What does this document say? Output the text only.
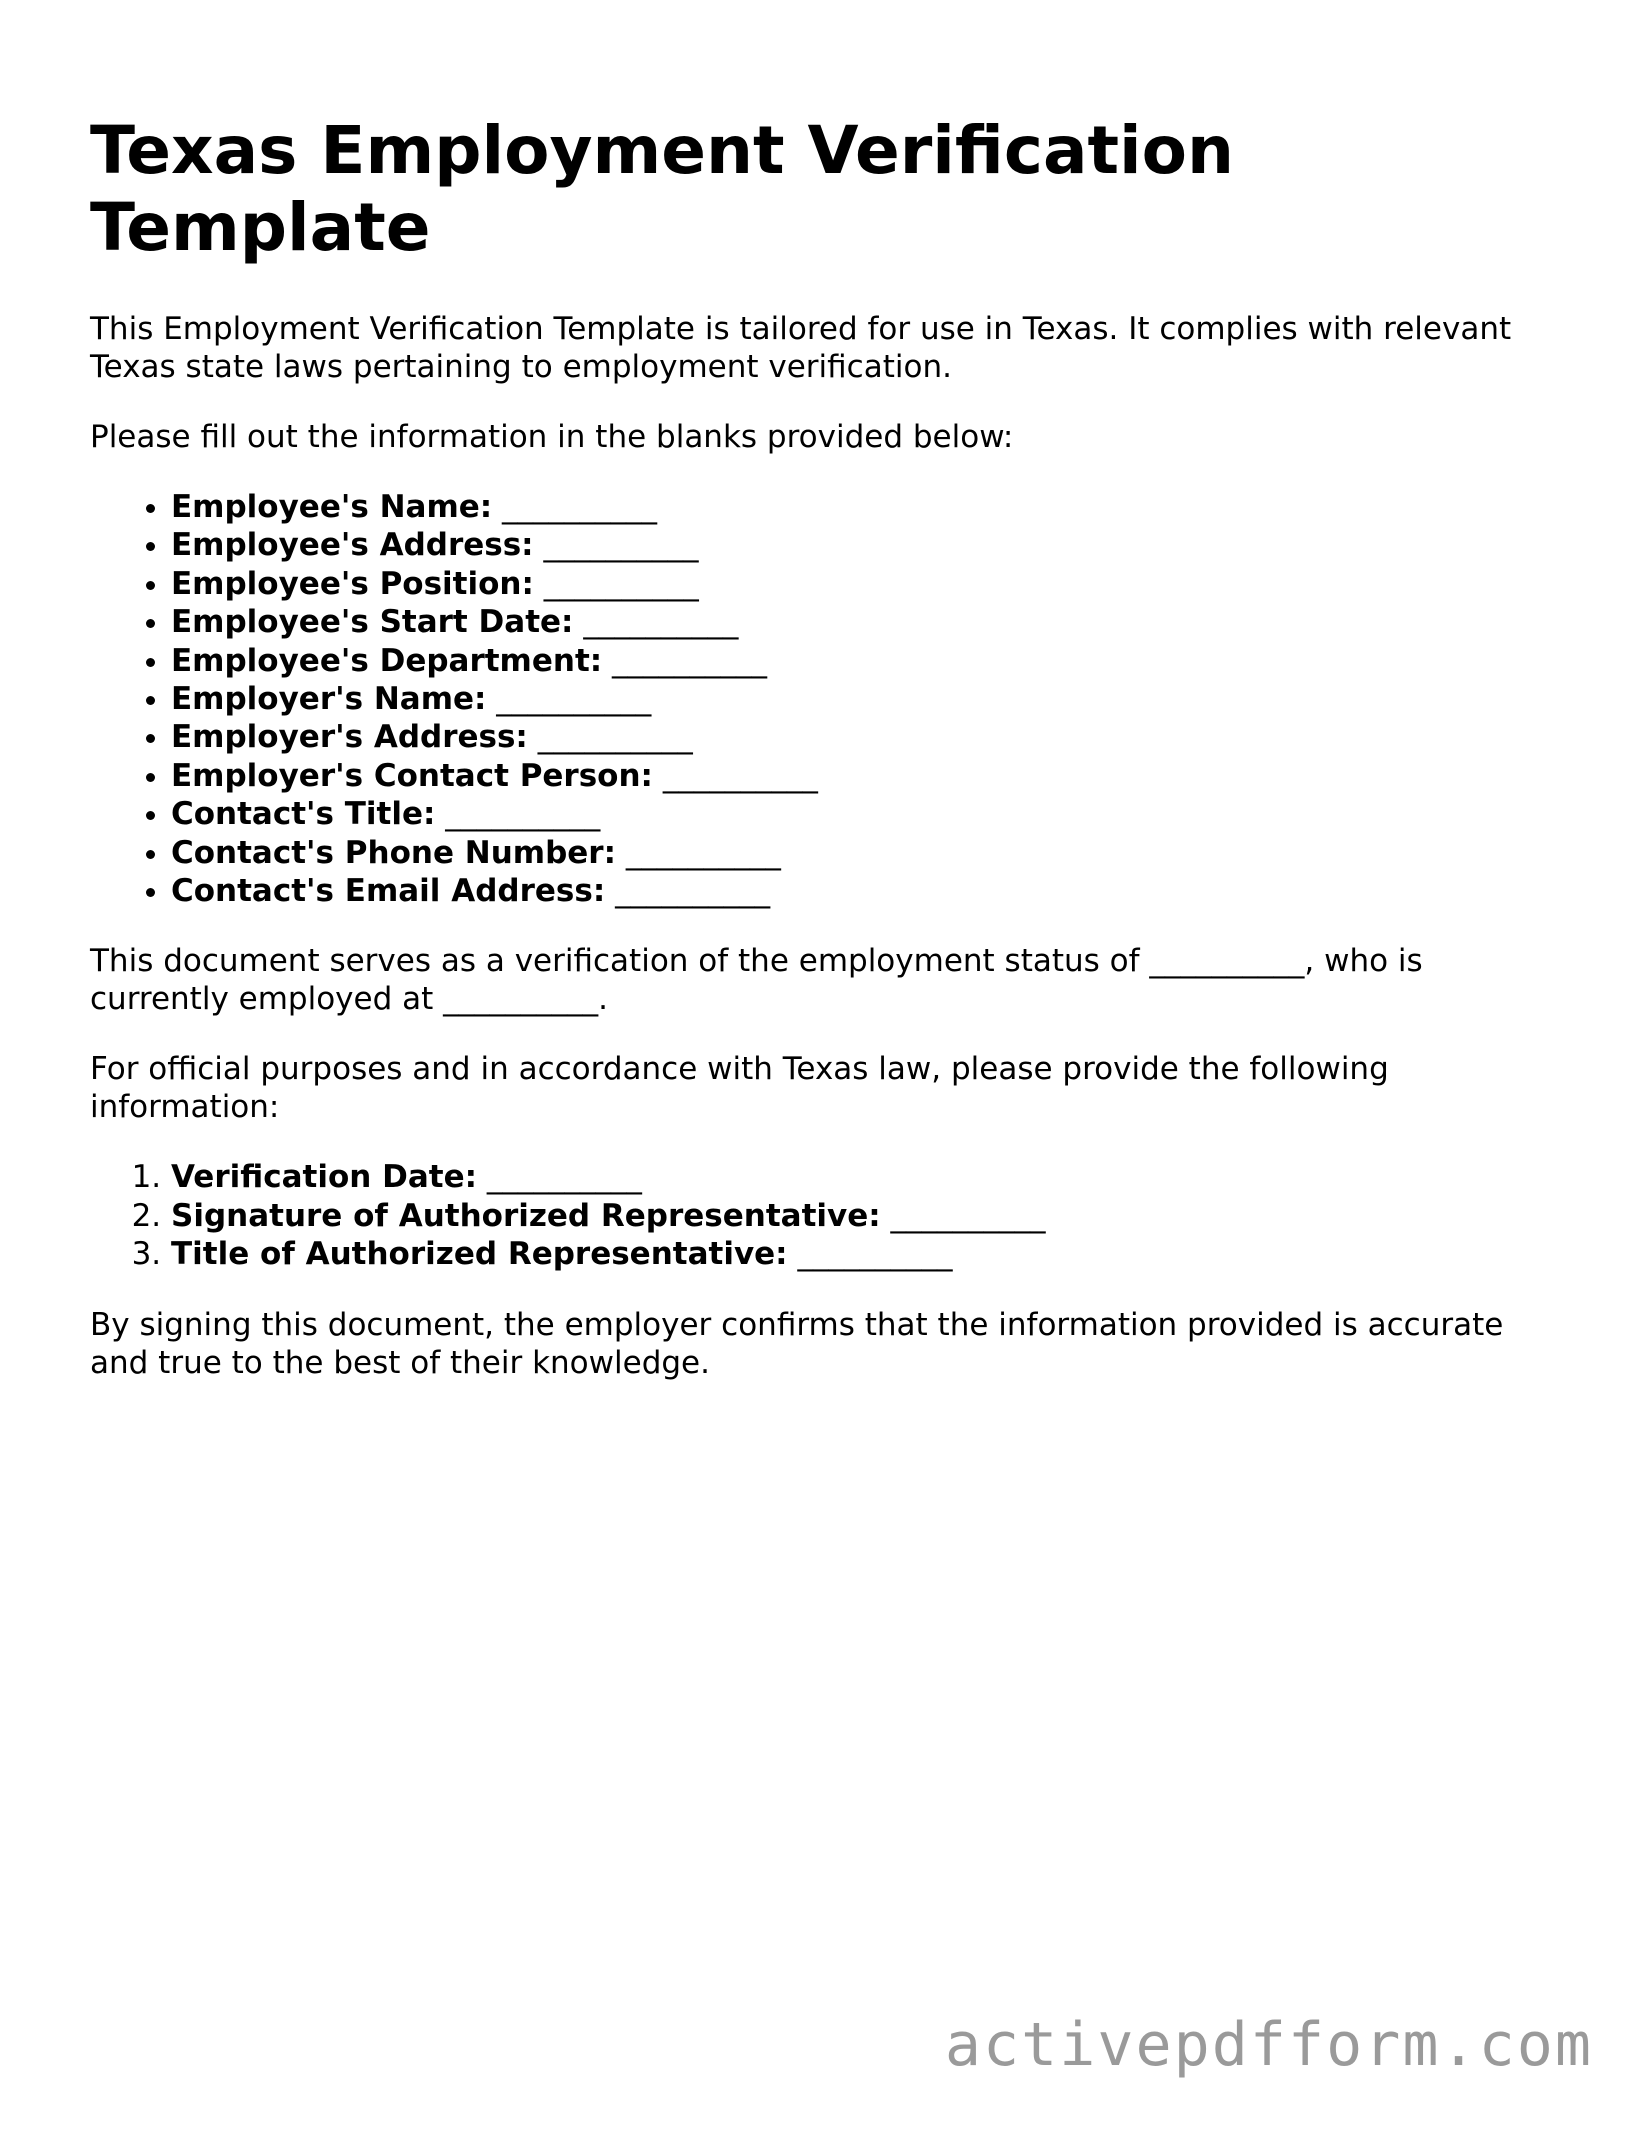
Texas Employment Verification Template

This Employment Verification Template is tailored for use in Texas. It complies with relevant Texas state laws pertaining to employment verification.

Please fill out the information in the blanks provided below:

• Employee's Name: __________
• Employee's Address: __________
• Employee's Position: __________
• Employee's Start Date: __________
• Employee's Department: __________
• Employer's Name: __________
• Employer's Address: __________
• Employer's Contact Person: __________
• Contact's Title: __________
• Contact's Phone Number: __________
• Contact's Email Address: __________

This document serves as a verification of the employment status of __________, who is currently employed at __________.

For official purposes and in accordance with Texas law, please provide the following information:

1. Verification Date: __________
2. Signature of Authorized Representative: __________
3. Title of Authorized Representative: __________

By signing this document, the employer confirms that the information provided is accurate and true to the best of their knowledge.

activepdfform.com
